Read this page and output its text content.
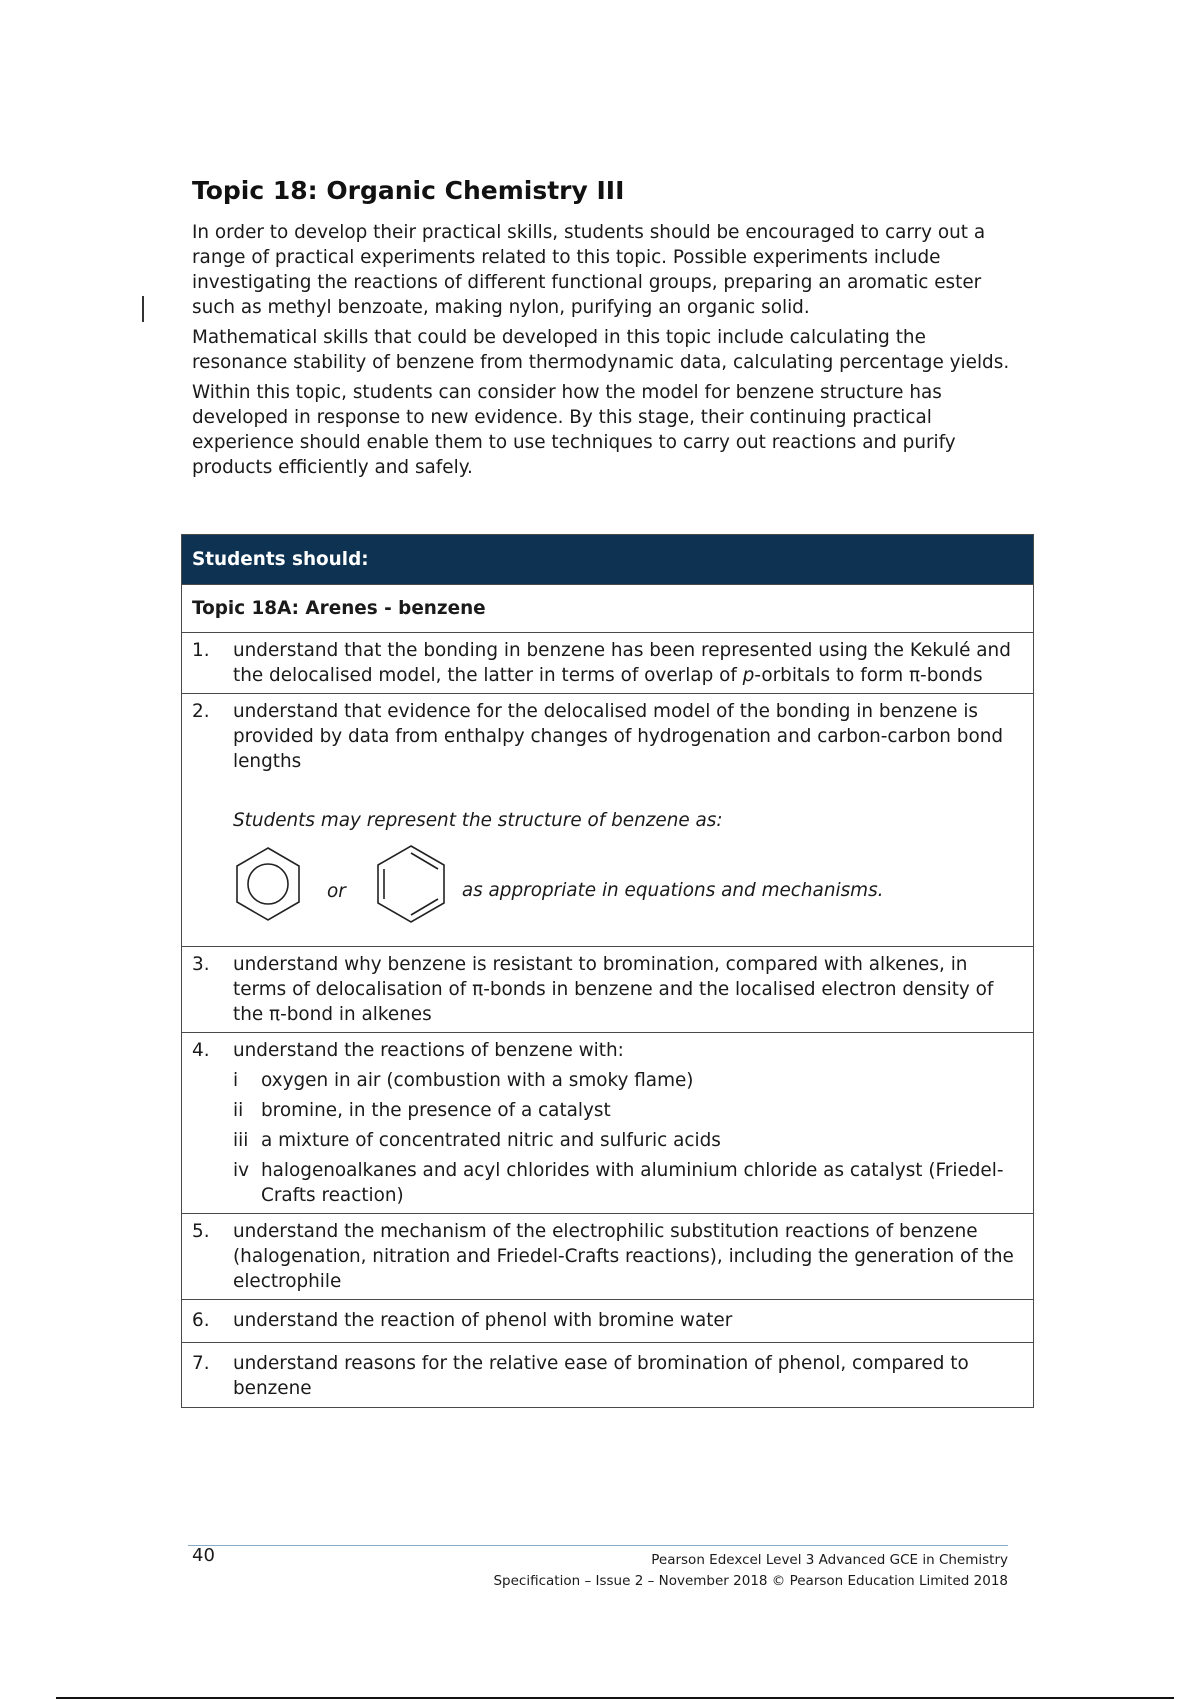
Topic 18: Organic Chemistry III

In order to develop their practical skills, students should be encouraged to carry out a range of practical experiments related to this topic. Possible experiments include investigating the reactions of different functional groups, preparing an aromatic ester such as methyl benzoate, making nylon, purifying an organic solid.

Mathematical skills that could be developed in this topic include calculating the resonance stability of benzene from thermodynamic data, calculating percentage yields.

Within this topic, students can consider how the model for benzene structure has developed in response to new evidence. By this stage, their continuing practical experience should enable them to use techniques to carry out reactions and purify products efficiently and safely.

Students should:
Topic 18A: Arenes - benzene

1.	understand that the bonding in benzene has been represented using the Kekulé and the delocalised model, the latter in terms of overlap of p-orbitals to form π-bonds

2.	understand that evidence for the delocalised model of the bonding in benzene is provided by data from enthalpy changes of hydrogenation and carbon-carbon bond lengths
Students may represent the structure of benzene as:
or	as appropriate in equations and mechanisms.

3.	understand why benzene is resistant to bromination, compared with alkenes, in terms of delocalisation of π-bonds in benzene and the localised electron density of the π-bond in alkenes

4.	understand the reactions of benzene with:
i	oxygen in air (combustion with a smoky flame)
ii bromine, in the presence of a catalyst
iii a mixture of concentrated nitric and sulfuric acids
iv halogenoalkanes and acyl chlorides with aluminium chloride as catalyst (Friedel-Crafts reaction)

5.	understand the mechanism of the electrophilic substitution reactions of benzene (halogenation, nitration and Friedel-Crafts reactions), including the generation of the electrophile

6.	understand the reaction of phenol with bromine water

7.	understand reasons for the relative ease of bromination of phenol, compared to benzene
40	Pearson Edexcel Level 3 Advanced GCE in Chemistry
Specification – Issue 2 – November 2018 © Pearson Education Limited 2018
